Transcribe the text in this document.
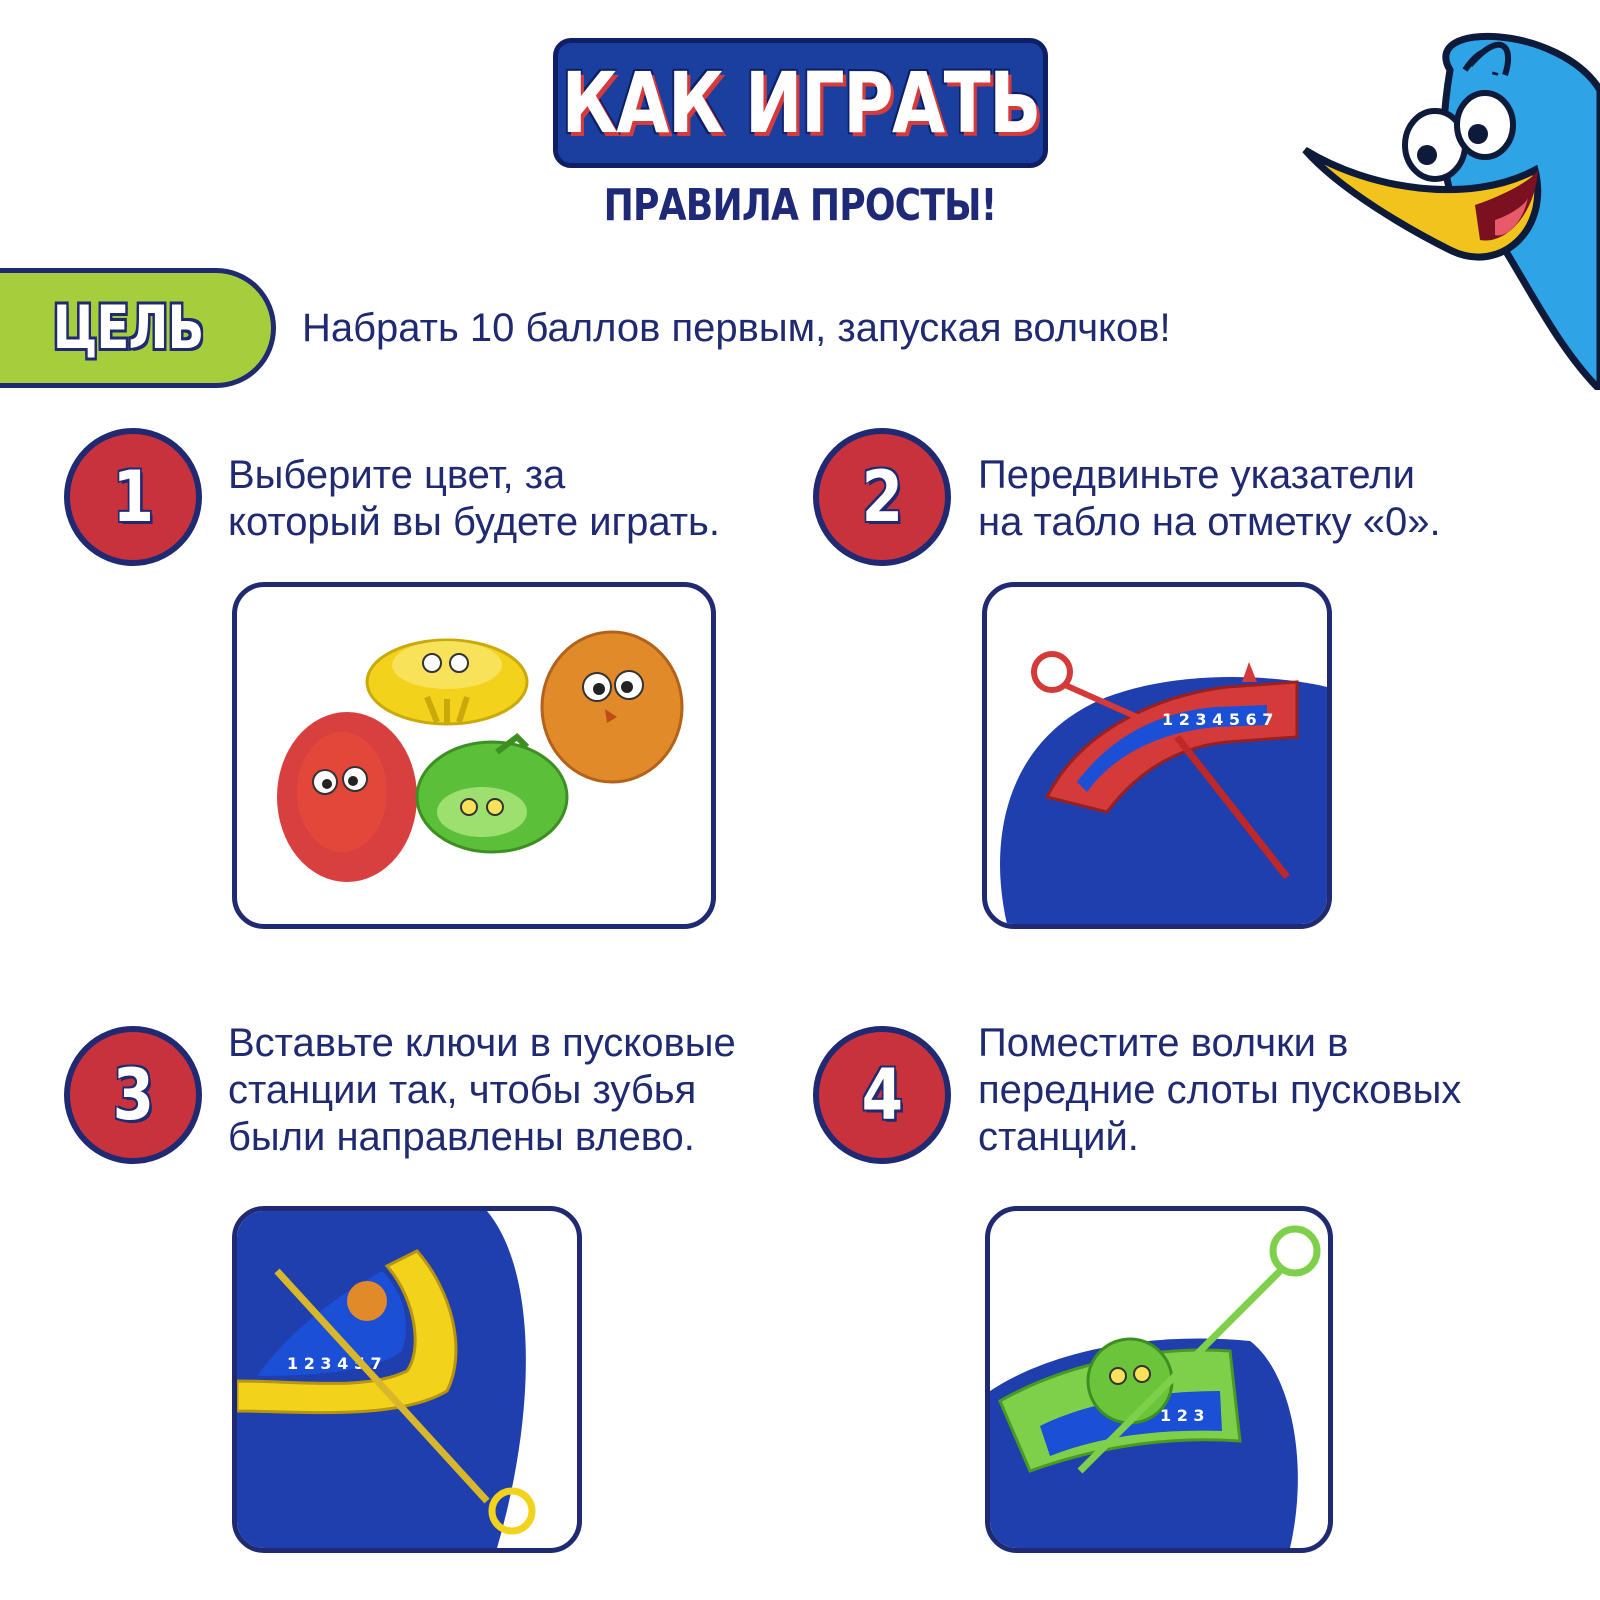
КАК ИГРАТЬ
ПРАВИЛА ПРОСТЫ!
ЦЕЛЬ Набрать 10 баллов первым, запуская волчков!
1 Выберите цвет, за
который вы будете играть. 2 Передвиньте указатели
на табло на отметку «0».
1 2 3 4 5 6 7
3
Вставьте ключи в пусковые
станции так, чтобы зубья
были направлены влево.
1 2 3 4 5 7
4
Поместите волчки в
передние слоты пусковых
станций.
1 2 3
